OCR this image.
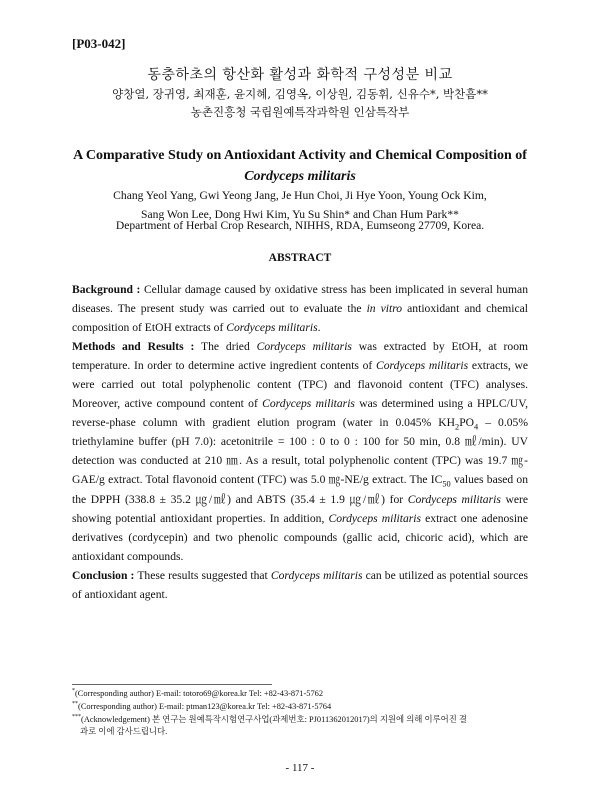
[P03-042]
동충하초의 항산화 활성과 화학적 구성성분 비교
양창열, 장귀영, 최재훈, 윤지혜, 김영옥, 이상원, 김동휘, 신유수*, 박찬흠**
농촌진흥청 국립원예특작과학원 인삼특작부
A Comparative Study on Antioxidant Activity and Chemical Composition of
Cordyceps militaris
Chang Yeol Yang, Gwi Yeong Jang, Je Hun Choi, Ji Hye Yoon, Young Ock Kim,
Sang Won Lee, Dong Hwi Kim, Yu Su Shin* and Chan Hum Park**
Department of Herbal Crop Research, NIHHS, RDA, Eumseong 27709, Korea.
ABSTRACT

Background : Cellular damage caused by oxidative stress has been implicated in several human diseases. The present study was carried out to evaluate the in vitro antioxidant and chemical composition of EtOH extracts of Cordyceps militaris.

Methods and Results : The dried Cordyceps militaris was extracted by EtOH, at room temperature. In order to determine active ingredient contents of Cordyceps militaris extracts, we were carried out total polyphenolic content (TPC) and flavonoid content (TFC) analyses. Moreover, active compound content of Cordyceps militaris was determined using a HPLC/UV, reverse-phase column with gradient elution program (water in 0.045% $KH_2PO_4 - 0.05\%$ triethylamine buffer (pH 7.0): acetonitrile = 100 : 0 to 0 : 100 for 50 min, 0.8 ㎖/min). UV detection was conducted at 210 ㎚. As a result, total polyphenolic content (TPC) was 19.7 ㎎-GAE/g extract. Total flavonoid content (TFC) was 5.0 ㎎-NE/g extract. The $IC_{50}$ values based on the DPPH (338.8 ± 35.2 ㎍/㎖) and ABTS (35.4 ± 1.9 ㎍/㎖) for Cordyceps militaris were showing potential antioxidant properties. In addition, Cordyceps militaris extract one adenosine derivatives (cordycepin) and two phenolic compounds (gallic acid, chicoric acid), which are antioxidant compounds.

Conclusion : These results suggested that Cordyceps militaris can be utilized as potential sources of antioxidant agent.

*(Corresponding author) E-mail: totoro69@korea.kr Tel: +82-43-871-5762
**(Corresponding author) E-mail: ptman123@korea.kr Tel: +82-43-871-5764
***(Acknowledgement) 본 연구는 원예특작시험연구사업(과제번호: PJ011362012017)의 지원에 의해 이루어진 결
과로 이에 감사드립니다.
- 117 -
